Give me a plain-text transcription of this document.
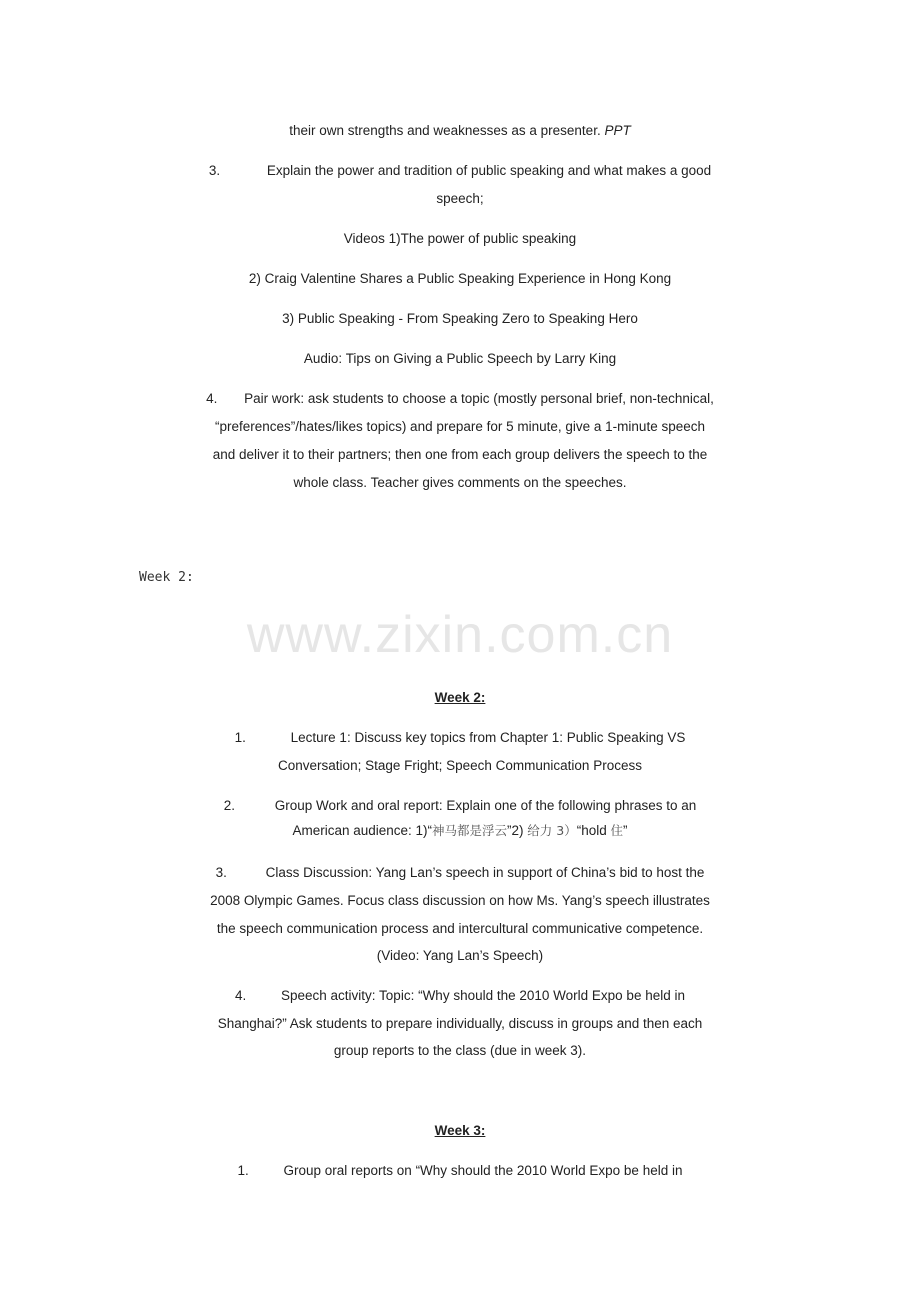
their own strengths and weaknesses as a presenter. PPT
3.	Explain the power and tradition of public speaking and what makes a good
speech;
Videos 1)The power of public speaking
2) Craig Valentine Shares a Public Speaking Experience in Hong Kong
3) Public Speaking - From Speaking Zero to Speaking Hero
Audio: Tips on Giving a Public Speech by Larry King
4. Pair work: ask students to choose a topic (mostly personal brief, non-technical,
“preferences”/hates/likes topics) and prepare for 5 minute, give a 1-minute speech
and deliver it to their partners; then one from each group delivers the speech to the
whole class. Teacher gives comments on the speeches.
Week 2:
www.zixin.com.cn
Week 2:
1.	Lecture 1: Discuss key topics from Chapter 1: Public Speaking VS
Conversation; Stage Fright; Speech Communication Process
2.	Group Work and oral report: Explain one of the following phrases to an
American audience: 1)“神马都是浮云”2) 给力 3）“hold 住”
3.	Class Discussion: Yang Lan’s speech in support of China’s bid to host the
2008 Olympic Games. Focus class discussion on how Ms. Yang’s speech illustrates
the speech communication process and intercultural communicative competence.
(Video: Yang Lan’s Speech)
4.	Speech activity: Topic: “Why should the 2010 World Expo be held in
Shanghai?” Ask students to prepare individually, discuss in groups and then each
group reports to the class (due in week 3).
Week 3:
1.	Group oral reports on “Why should the 2010 World Expo be held in
